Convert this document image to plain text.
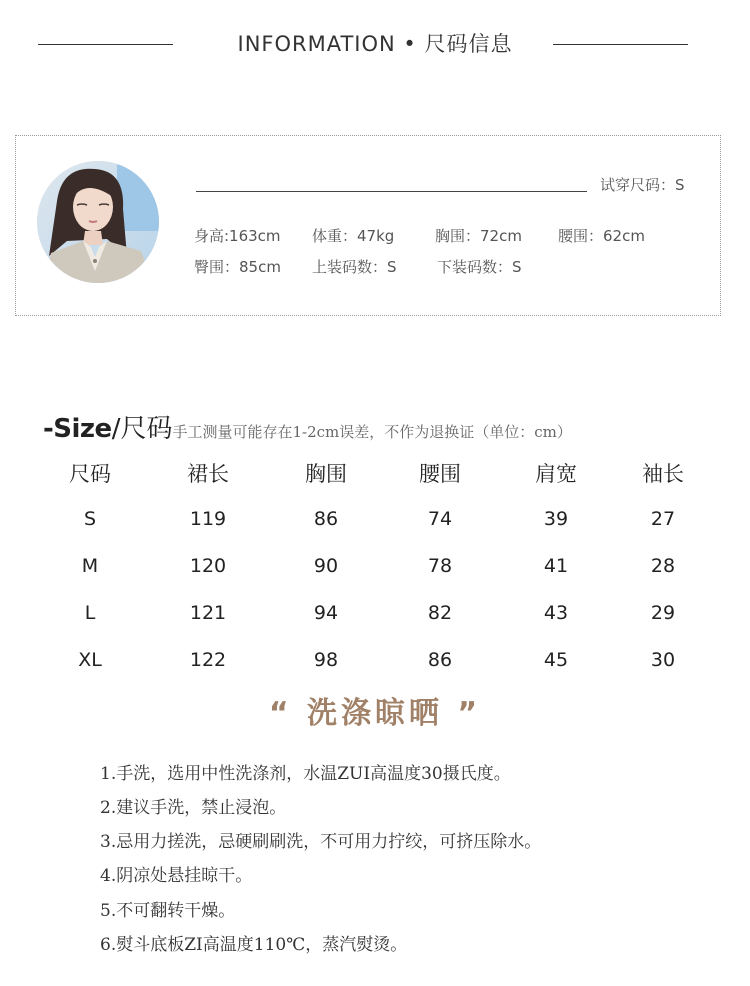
INFORMATION • 尺码信息
试穿尺码：S
身高:163cm 体重：47kg	胸围：72cm 腰围：62cm
臀围：85cm 上装码数：S	下装码数：S
-Size/尺码手工测量可能存在1-2cm误差，不作为退换证（单位：cm）
尺码	裙长	胸围	腰围	肩宽	袖长
S	119	86	74	39	27
M	120	90	78	41	28
L	121	94	82	43	29
XL	122	98	86	45	30
“ 洗涤晾晒 ”
1.手洗，选用中性洗涤剂，水温ZUI高温度30摄氏度。
2.建议手洗，禁止浸泡。
3.忌用力搓洗，忌硬刷刷洗，不可用力拧绞，可挤压除水。
4.阴凉处悬挂晾干。
5.不可翻转干燥。
6.熨斗底板ZI高温度110℃，蒸汽熨烫。
